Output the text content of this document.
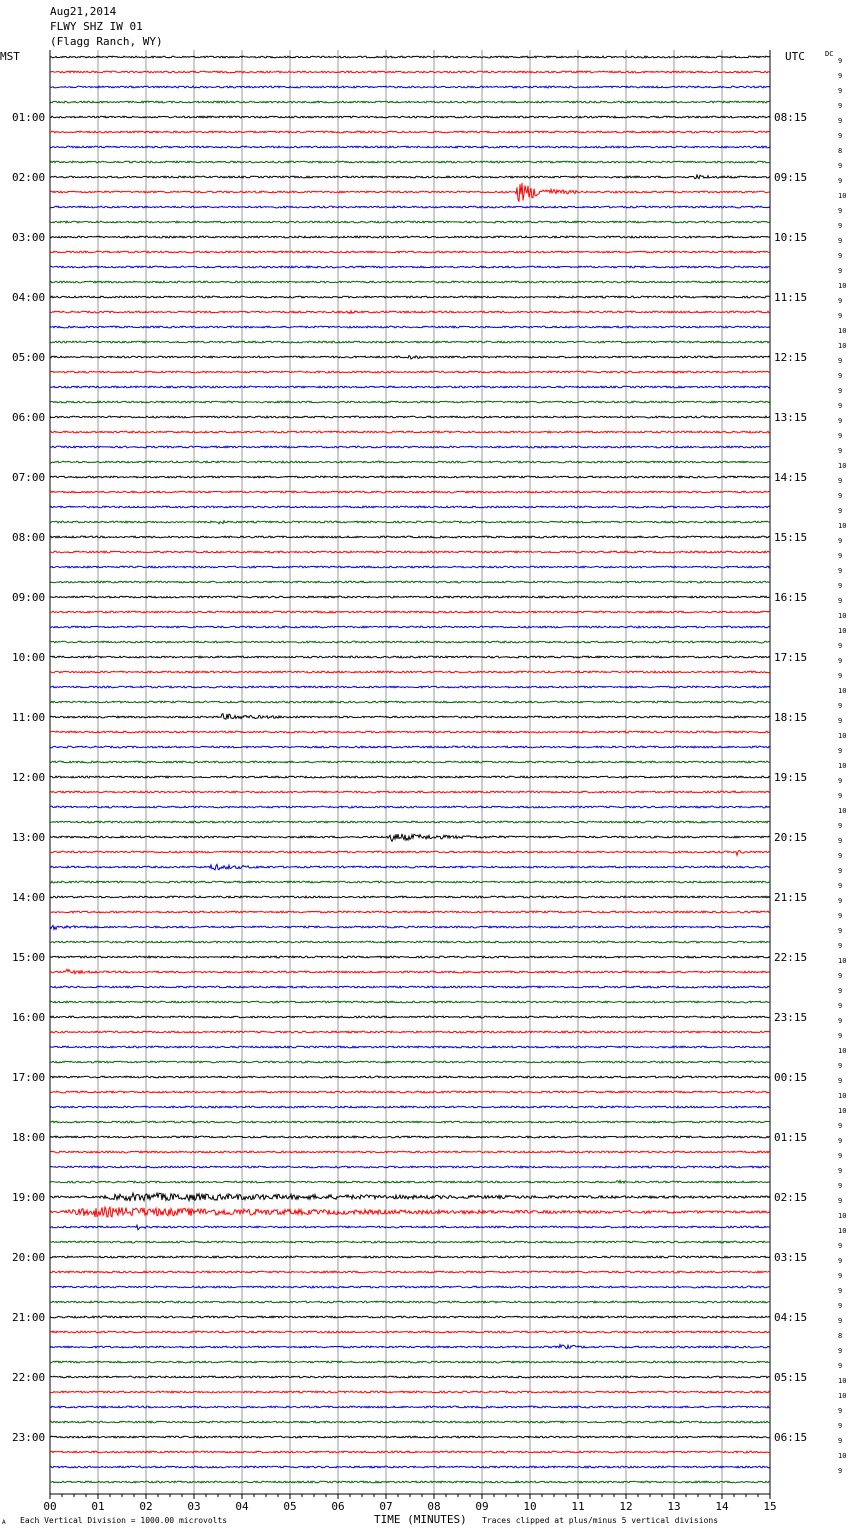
Aug21,2014
FLWY SHZ IW 01
(Flagg Ranch, WY)
MST	UTC	DC
01:00
02:00
03:00
04:00
05:00
06:00
07:00
08:00
09:00
10:00
11:00
12:00
13:00
14:00
15:00
16:00
17:00
18:00
19:00
20:00
21:00
22:00
23:00
08:15
09:15
10:15
11:15
12:15
13:15
14:15
15:15
16:15
17:15
18:15
19:15
20:15
21:15
22:15
23:15
00:15
01:15
02:15
03:15
04:15
05:15
06:15
9
9
9
9
9
9
8
9
9
10
9
9
9
9
9
10
9
9
10
10
9
9
9
9
9
9
9
10
9
9
9
10
9
9
9
9
9
10
10
9
9
9
10
9
9
10
9
10
9
9
10
9
9
9
9
9
9
9
9
9
10
9
9
9
9
9
10
9
9
10
10
9
9
9
9
9
9
10
10
9
9
9
9
9
9
8
9
9
10
10
9
9
9
10
9
00	01	02	03	04	05	06	07	08	09	10	11	12	13	14	15
A Each Vertical Division = 1000.00 microvolts	TIME (MINUTES) Traces clipped at plus/minus 5 vertical divisions
